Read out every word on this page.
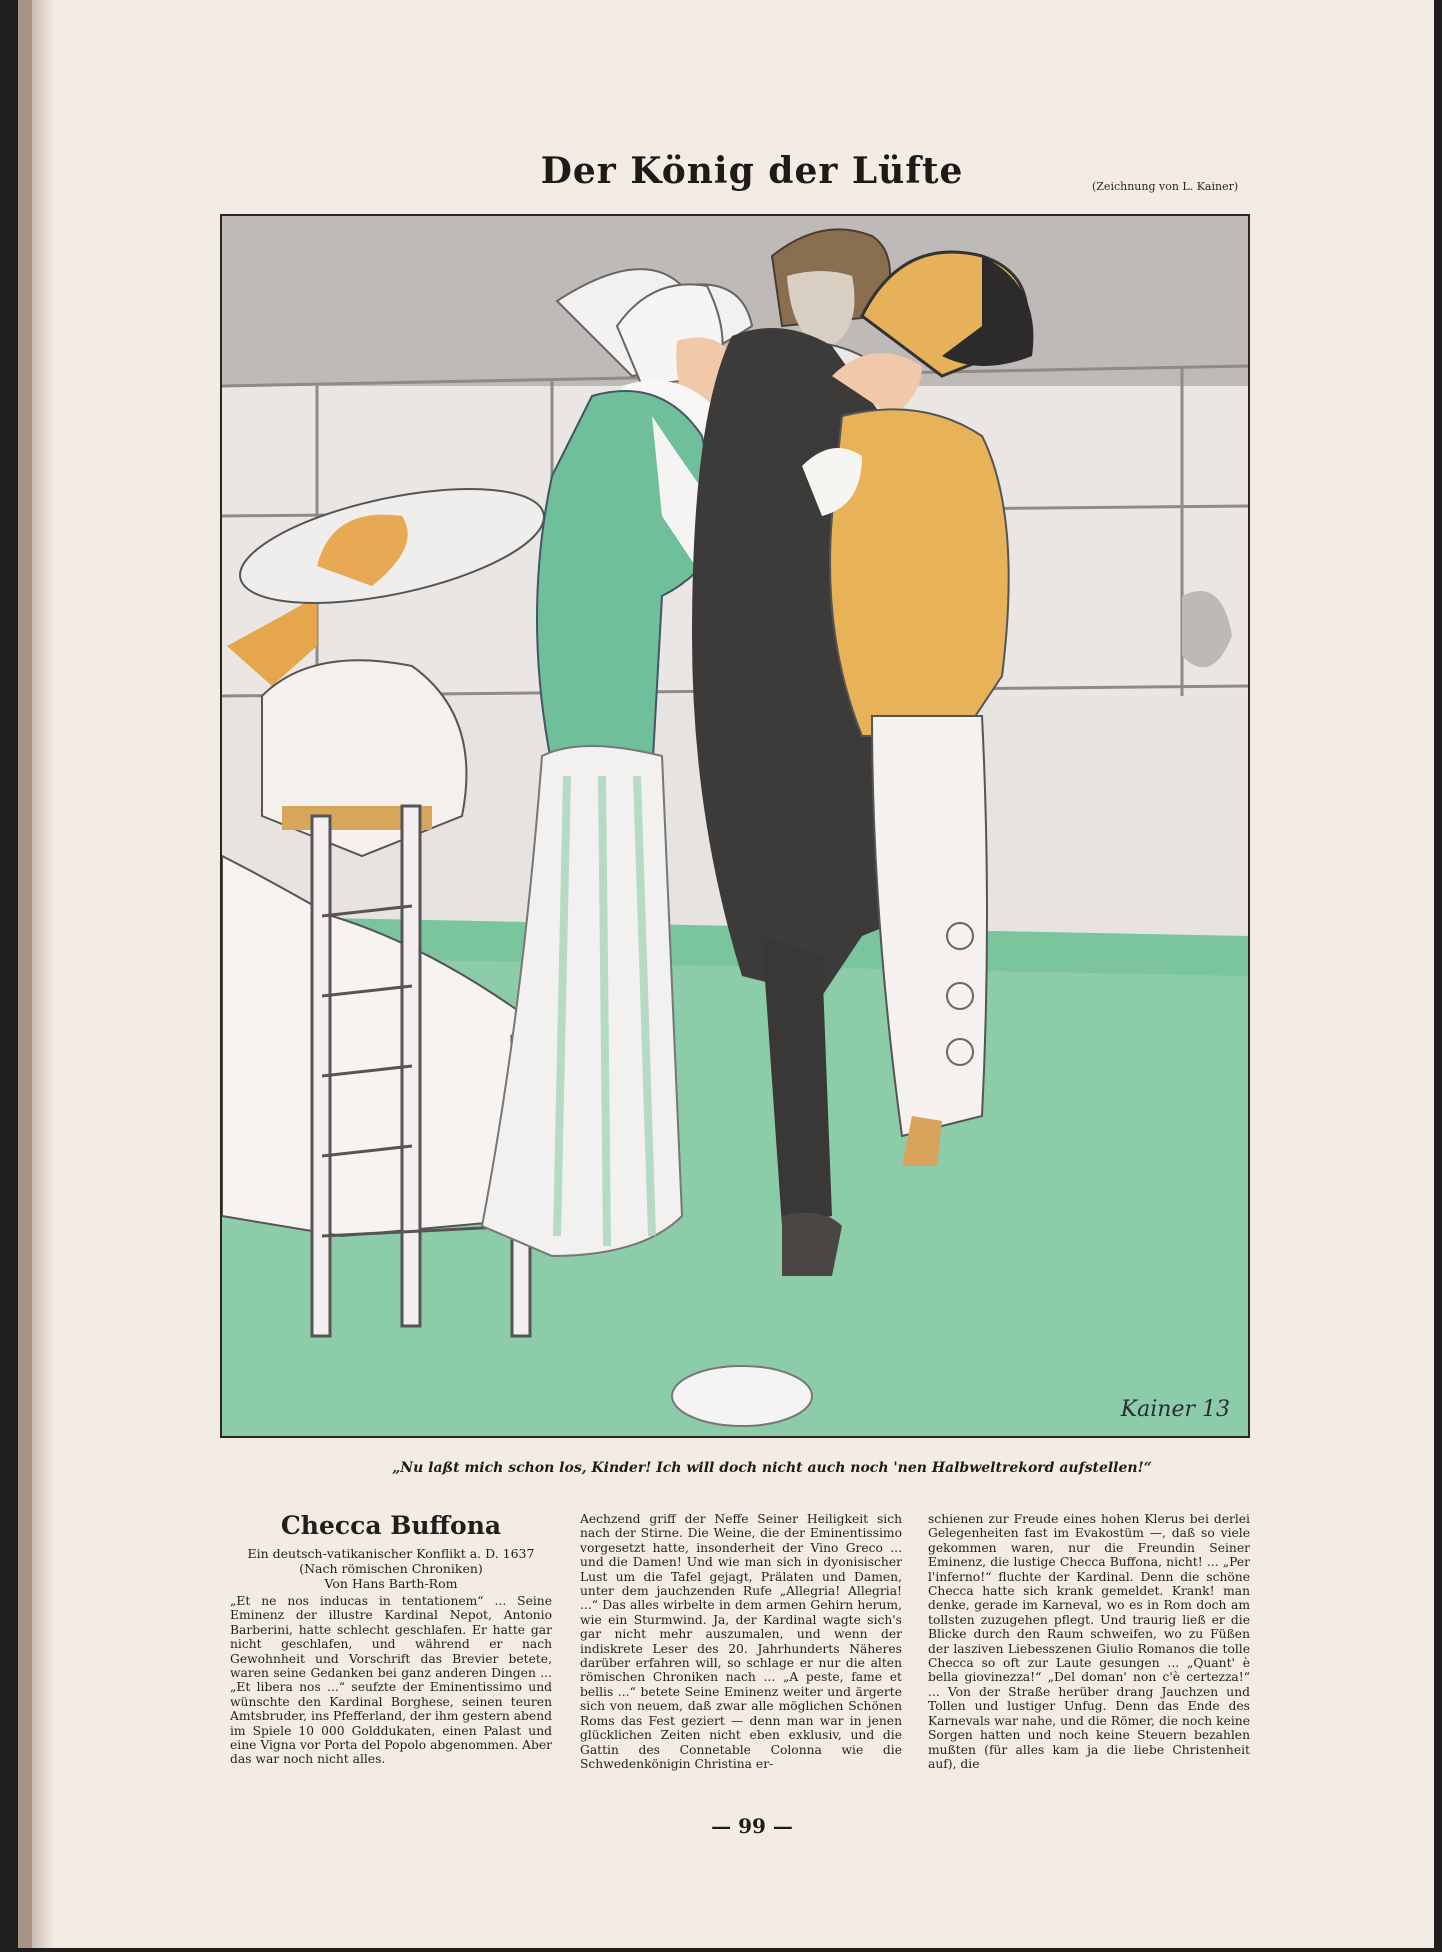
Der König der Lüfte	(Zeichnung von L. Kainer)
Kainer 13
„Nu laßt mich schon los, Kinder! Ich will doch nicht auch noch 'nen Halbweltrekord aufstellen!“
Checca Buffona
Ein deutsch-vatikanischer Konflikt a. D. 1637
(Nach römischen Chroniken)
Von Hans Barth-Rom

„Et ne nos inducas in tentationem“ ... Seine Eminenz der illustre Kardinal Nepot, Antonio Barberini, hatte schlecht geschlafen. Er hatte gar nicht geschlafen, und während er nach Gewohnheit und Vorschrift das Brevier betete, waren seine Gedanken bei ganz anderen Dingen ... „Et libera nos ...“ seufzte der Eminentissimo und wünschte den Kardinal Borghese, seinen teuren Amtsbruder, ins Pfefferland, der ihm gestern abend im Spiele 10 000 Golddukaten, einen Palast und eine Vigna vor Porta del Popolo abgenommen. Aber das war noch nicht alles.

Aechzend griff der Neffe Seiner Heiligkeit sich nach der Stirne. Die Weine, die der Eminentissimo vorgesetzt hatte, insonderheit der Vino Greco ... und die Damen! Und wie man sich in dyonisischer Lust um die Tafel gejagt, Prälaten und Damen, unter dem jauchzenden Rufe „Allegria! Allegria! ...“ Das alles wirbelte in dem armen Gehirn herum, wie ein Sturmwind. Ja, der Kardinal wagte sich's gar nicht mehr auszumalen, und wenn der indiskrete Leser des 20. Jahrhunderts Näheres darüber erfahren will, so schlage er nur die alten römischen Chroniken nach ... „A peste, fame et bellis ...“ betete Seine Eminenz weiter und ärgerte sich von neuem, daß zwar alle möglichen Schönen Roms das Fest geziert — denn man war in jenen glücklichen Zeiten nicht eben exklusiv, und die Gattin des Connetable Colonna wie die Schwedenkönigin Christina er-

schienen zur Freude eines hohen Klerus bei derlei Gelegenheiten fast im Evakostüm —, daß so viele gekommen waren, nur die Freundin Seiner Eminenz, die lustige Checca Buffona, nicht! ... „Per l'inferno!“ fluchte der Kardinal. Denn die schöne Checca hatte sich krank gemeldet. Krank! man denke, gerade im Karneval, wo es in Rom doch am tollsten zuzugehen pflegt. Und traurig ließ er die Blicke durch den Raum schweifen, wo zu Füßen der lasziven Liebesszenen Giulio Romanos die tolle Checca so oft zur Laute gesungen ... „Quant' è bella giovinezza!“ „Del doman' non c'è certezza!“ ... Von der Straße herüber drang Jauchzen und Tollen und lustiger Unfug. Denn das Ende des Karnevals war nahe, und die Römer, die noch keine Sorgen hatten und noch keine Steuern bezahlen mußten (für alles kam ja die liebe Christenheit auf), die

— 99 —
